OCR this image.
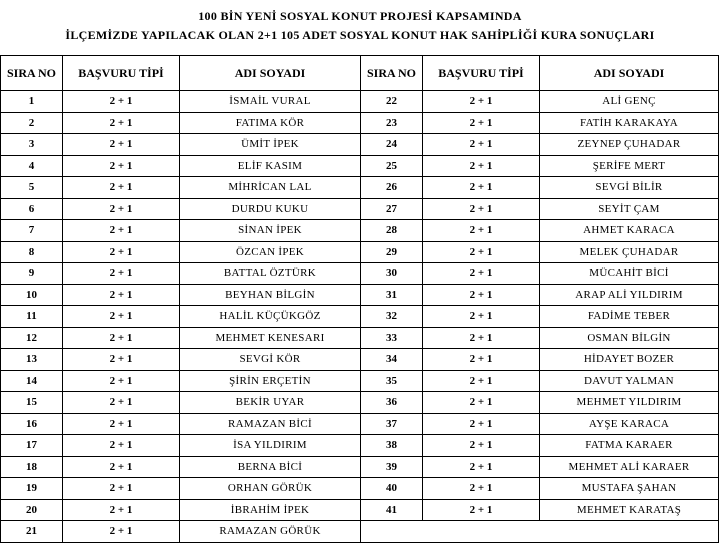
100 BİN YENİ SOSYAL KONUT PROJESİ KAPSAMINDA
İLÇEMİZDE YAPILACAK OLAN 2+1 105 ADET SOSYAL KONUT HAK SAHİPLİĞİ KURA SONUÇLARI
SIRA NO	BAŞVURU TİPİ	ADI SOYADI	SIRA NO	BAŞVURU TİPİ	ADI SOYADI
1	2 + 1	İSMAİL VURAL	22	2 + 1	ALİ GENÇ
2	2 + 1	FATIMA KÖR	23	2 + 1	FATİH KARAKAYA
3	2 + 1	ÜMİT İPEK	24	2 + 1	ZEYNEP ÇUHADAR
4	2 + 1	ELİF KASIM	25	2 + 1	ŞERİFE MERT
5	2 + 1	MİHRİCAN LAL	26	2 + 1	SEVGİ BİLİR
6	2 + 1	DURDU KUKU	27	2 + 1	SEYİT ÇAM
7	2 + 1	SİNAN İPEK	28	2 + 1	AHMET KARACA
8	2 + 1	ÖZCAN İPEK	29	2 + 1	MELEK ÇUHADAR
9	2 + 1	BATTAL ÖZTÜRK	30	2 + 1	MÜCAHİT BİCİ
10	2 + 1	BEYHAN BİLGİN	31	2 + 1	ARAP ALİ YILDIRIM
11	2 + 1	HALİL KÜÇÜKGÖZ	32	2 + 1	FADİME TEBER
12	2 + 1	MEHMET KENESARI	33	2 + 1	OSMAN BİLGİN
13	2 + 1	SEVGİ KÖR	34	2 + 1	HİDAYET BOZER
14	2 + 1	ŞİRİN ERÇETİN	35	2 + 1	DAVUT YALMAN
15	2 + 1	BEKİR UYAR	36	2 + 1	MEHMET YILDIRIM
16	2 + 1	RAMAZAN BİCİ	37	2 + 1	AYŞE KARACA
17	2 + 1	İSA YILDIRIM	38	2 + 1	FATMA KARAER
18	2 + 1	BERNA BİCİ	39	2 + 1	MEHMET ALİ KARAER
19	2 + 1	ORHAN GÖRÜK	40	2 + 1	MUSTAFA ŞAHAN
20	2 + 1	İBRAHİM İPEK	41	2 + 1	MEHMET KARATAŞ
21	2 + 1	RAMAZAN GÖRÜK			
